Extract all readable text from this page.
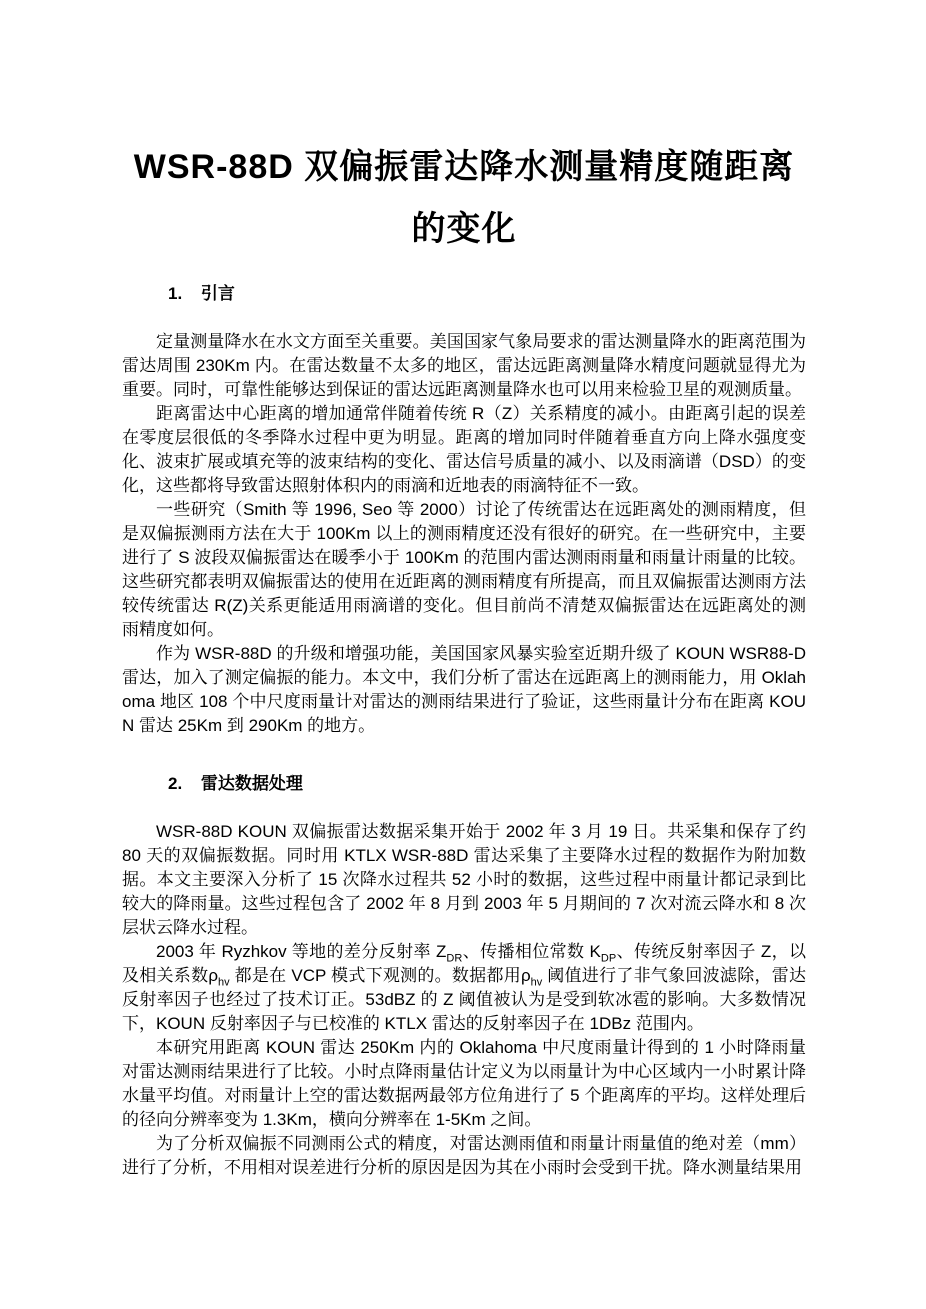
WSR-88D 双偏振雷达降水测量精度随距离
的变化
1. 引言

定量测量降水在水文方面至关重要。美国国家气象局要求的雷达测量降水的距离范围为雷达周围 230Km 内。在雷达数量不太多的地区，雷达远距离测量降水精度问题就显得尤为重要。同时，可靠性能够达到保证的雷达远距离测量降水也可以用来检验卫星的观测质量。

距离雷达中心距离的增加通常伴随着传统 R（Z）关系精度的减小。由距离引起的误差在零度层很低的冬季降水过程中更为明显。距离的增加同时伴随着垂直方向上降水强度变化、波束扩展或填充等的波束结构的变化、雷达信号质量的减小、以及雨滴谱（DSD）的变化，这些都将导致雷达照射体积内的雨滴和近地表的雨滴特征不一致。

一些研究（Smith 等 1996, Seo 等 2000）讨论了传统雷达在远距离处的测雨精度，但是双偏振测雨方法在大于 100Km 以上的测雨精度还没有很好的研究。在一些研究中，主要进行了 S 波段双偏振雷达在暖季小于 100Km 的范围内雷达测雨雨量和雨量计雨量的比较。这些研究都表明双偏振雷达的使用在近距离的测雨精度有所提高，而且双偏振雷达测雨方法较传统雷达 R(Z)关系更能适用雨滴谱的变化。但目前尚不清楚双偏振雷达在远距离处的测雨精度如何。

作为 WSR-88D 的升级和增强功能，美国国家风暴实验室近期升级了 KOUN WSR88-D 雷达，加入了测定偏振的能力。本文中，我们分析了雷达在远距离上的测雨能力，用 Oklahoma 地区 108 个中尺度雨量计对雷达的测雨结果进行了验证，这些雨量计分布在距离 KOUN 雷达 25Km 到 290Km 的地方。

2. 雷达数据处理

WSR-88D KOUN 双偏振雷达数据采集开始于 2002 年 3 月 19 日。共采集和保存了约 80 天的双偏振数据。同时用 KTLX WSR-88D 雷达采集了主要降水过程的数据作为附加数据。本文主要深入分析了 15 次降水过程共 52 小时的数据，这些过程中雨量计都记录到比较大的降雨量。这些过程包含了 2002 年 8 月到 2003 年 5 月期间的 7 次对流云降水和 8 次层状云降水过程。

2003 年 Ryzhkov 等地的差分反射率 $Z_{DR}$、传播相位常数 $K_{DP}$、传统反射率因子 Z，以及相关系数$\rho_{hv}$ 都是在 VCP 模式下观测的。数据都用$\rho_{hv}$ 阈值进行了非气象回波滤除，雷达反射率因子也经过了技术订正。53dBZ 的 Z 阈值被认为是受到软冰雹的影响。大多数情况下，KOUN 反射率因子与已校准的 KTLX 雷达的反射率因子在 1DBz 范围内。

本研究用距离 KOUN 雷达 250Km 内的 Oklahoma 中尺度雨量计得到的 1 小时降雨量对雷达测雨结果进行了比较。小时点降雨量估计定义为以雨量计为中心区域内一小时累计降水量平均值。对雨量计上空的雷达数据两最邻方位角进行了 5 个距离库的平均。这样处理后的径向分辨率变为 1.3Km，横向分辨率在 1-5Km 之间。

为了分析双偏振不同测雨公式的精度，对雷达测雨值和雨量计雨量值的绝对差（mm）进行了分析，不用相对误差进行分析的原因是因为其在小雨时会受到干扰。降水测量结果用
